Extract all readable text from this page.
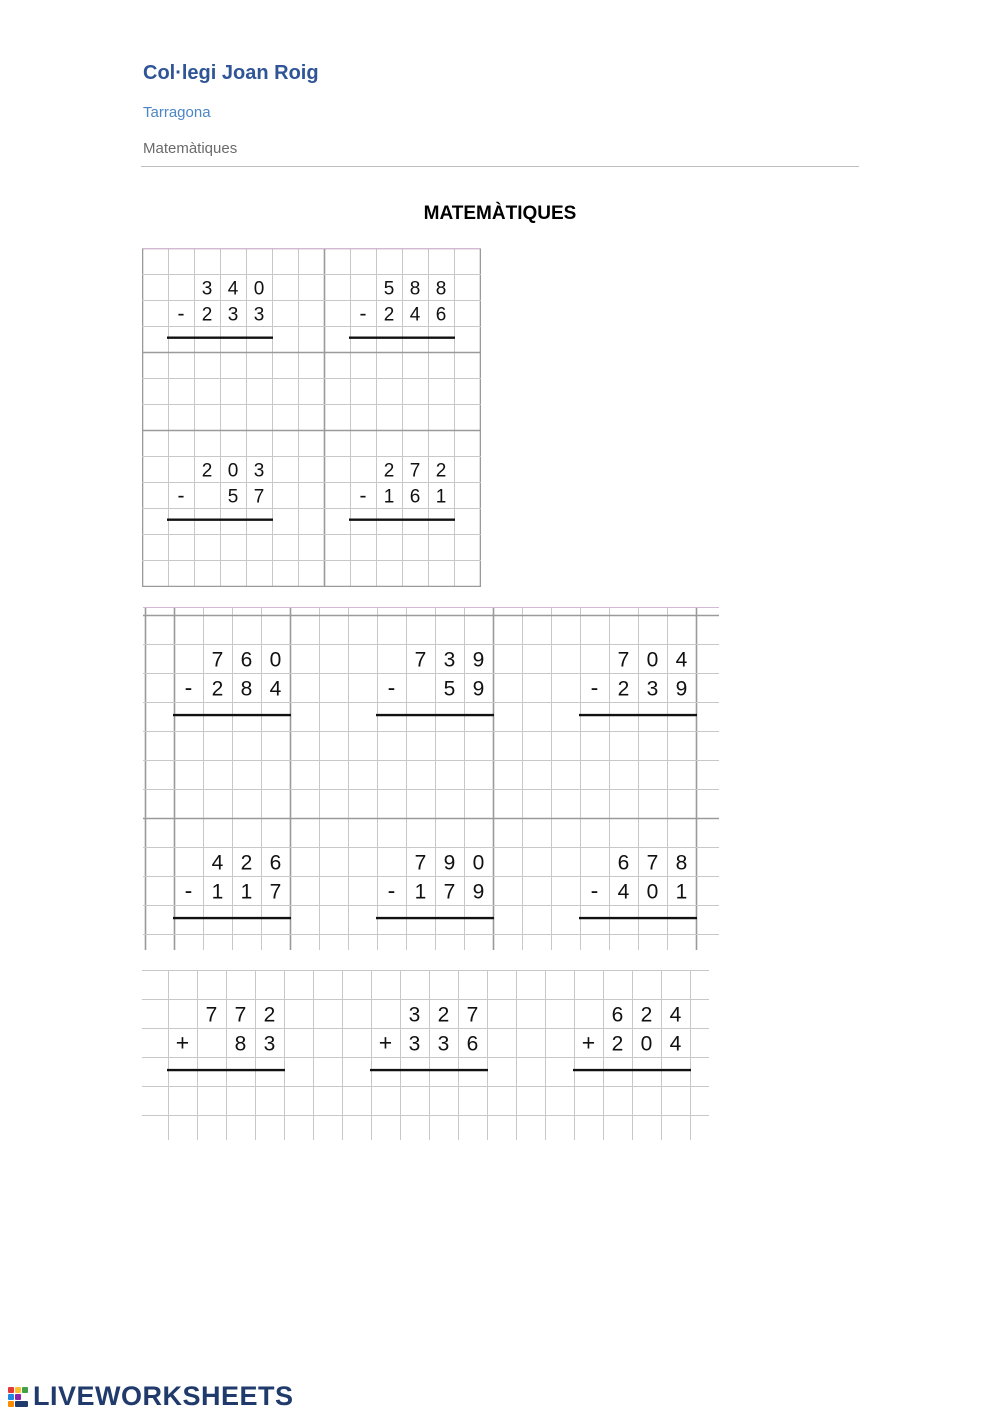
Col·legi Joan Roig
Tarragona
Matemàtiques
MATEMÀTIQUES
3 4 0
- 2 3 3
5 8 8
- 2 4 6
2 0 3
- 5 7
2 7 2
- 1 6 1
7 6 0
- 2 8 4
7 3 9
- 5 9
7 0 4
- 2 3 9
4 2 6
- 1 1 7
7 9 0
- 1 7 9
6 7 8
- 4 0 1
7 7 2
+ 8 3
3 2 7
+ 3 3 6
6 2 4
+ 2 0 4
LIVEWORKSHEETS
